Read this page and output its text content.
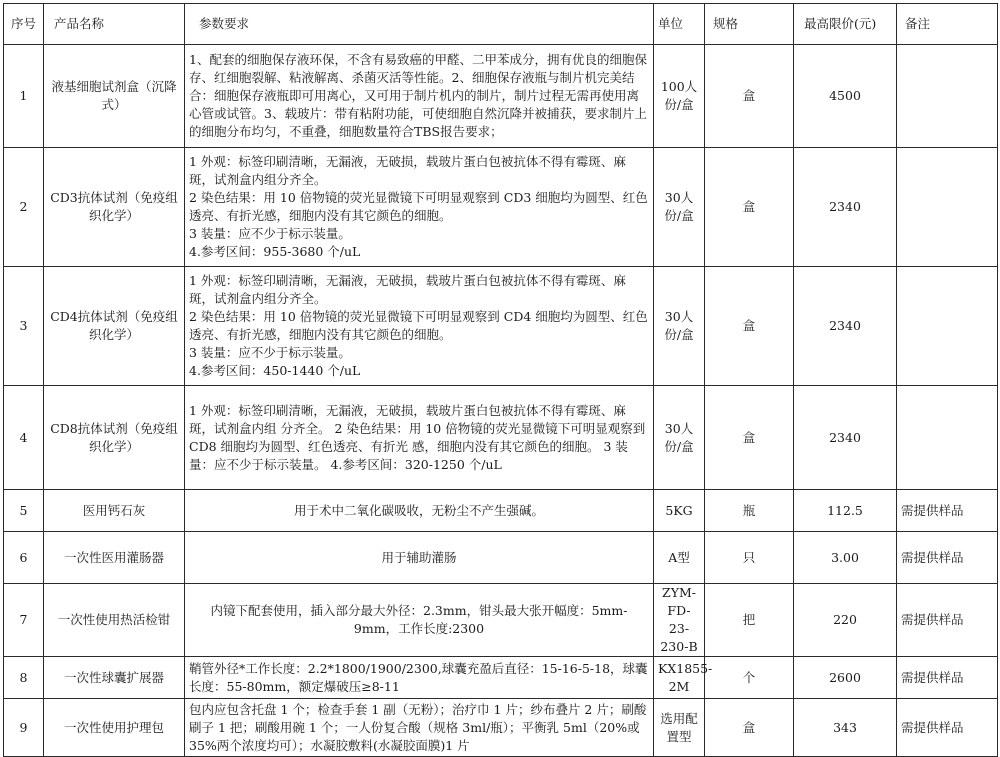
序号	产品名称	参数要求	单位	规格	最高限价(元)	备注
1	液基细胞试剂盒（沉降式）	1、配套的细胞保存液环保，不含有易致癌的甲醛、二甲苯成分，拥有优良的细胞保存、红细胞裂解、粘液解离、杀菌灭活等性能。2、细胞保存液瓶与制片机完美结合：细胞保存液瓶即可用离心，又可用于制片机内的制片，制片过程无需再使用离心管或试管。3、载玻片：带有粘附功能，可使细胞自然沉降并被捕获，要求制片上的细胞分布均匀，不重叠，细胞数量符合TBS报告要求；	100人份/盒	盒	4500	
2	CD3抗体试剂（免疫组织化学）	1 外观：标签印刷清晰，无漏液，无破损，载玻片蛋白包被抗体不得有霉斑、麻斑，试剂盒内组分齐全。
2 染色结果：用 10 倍物镜的荧光显微镜下可明显观察到 CD3 细胞均为圆型、红色透亮、有折光感，细胞内没有其它颜色的细胞。
3 装量：应不少于标示装量。
4.参考区间：955-3680 个/uL	30人份/盒	盒	2340	
3	CD4抗体试剂（免疫组织化学）	1 外观：标签印刷清晰，无漏液，无破损，载玻片蛋白包被抗体不得有霉斑、麻斑，试剂盒内组分齐全。
2 染色结果：用 10 倍物镜的荧光显微镜下可明显观察到 CD4 细胞均为圆型、红色透亮、有折光感，细胞内没有其它颜色的细胞。
3 装量：应不少于标示装量。
4.参考区间：450-1440 个/uL	30人份/盒	盒	2340	
4	CD8抗体试剂（免疫组织化学）	1 外观：标签印刷清晰，无漏液，无破损，载玻片蛋白包被抗体不得有霉斑、麻斑，试剂盒内组 分齐全。 2 染色结果：用 10 倍物镜的荧光显微镜下可明显观察到 CD8 细胞均为圆型、红色透亮、有折光 感，细胞内没有其它颜色的细胞。 3 装量：应不少于标示装量。 4.参考区间：320-1250 个/uL	30人份/盒	盒	2340	
5	医用钙石灰	用于术中二氧化碳吸收，无粉尘不产生强碱。	5KG	瓶	112.5	需提供样品
6	一次性医用灌肠器	用于辅助灌肠	A型	只	3.00	需提供样品
7	一次性使用热活检钳	内镜下配套使用，插入部分最大外径：2.3mm，钳头最大张开幅度：5mm-9mm，工作长度:2300	ZYM-FD-23-230-B	把	220	需提供样品
8	一次性球囊扩展器	鞘管外径*工作长度：2.2*1800/1900/2300,球囊充盈后直径：15-16-5-18，球囊长度：55-80mm，额定爆破压≥8-11	KX1855-2M	个	2600	需提供样品
9	一次性使用护理包	包内应包含托盘 1 个；检查手套 1 副（无粉）；治疗巾 1 片；纱布叠片 2 片；刷酸刷子 1 把；刷酸用碗 1 个；一人份复合酸（规格 3ml/瓶）；平衡乳 5ml（20%或 35%两个浓度均可）；水凝胶敷料(水凝胶面膜)1 片	选用配置型	盒	343	需提供样品
